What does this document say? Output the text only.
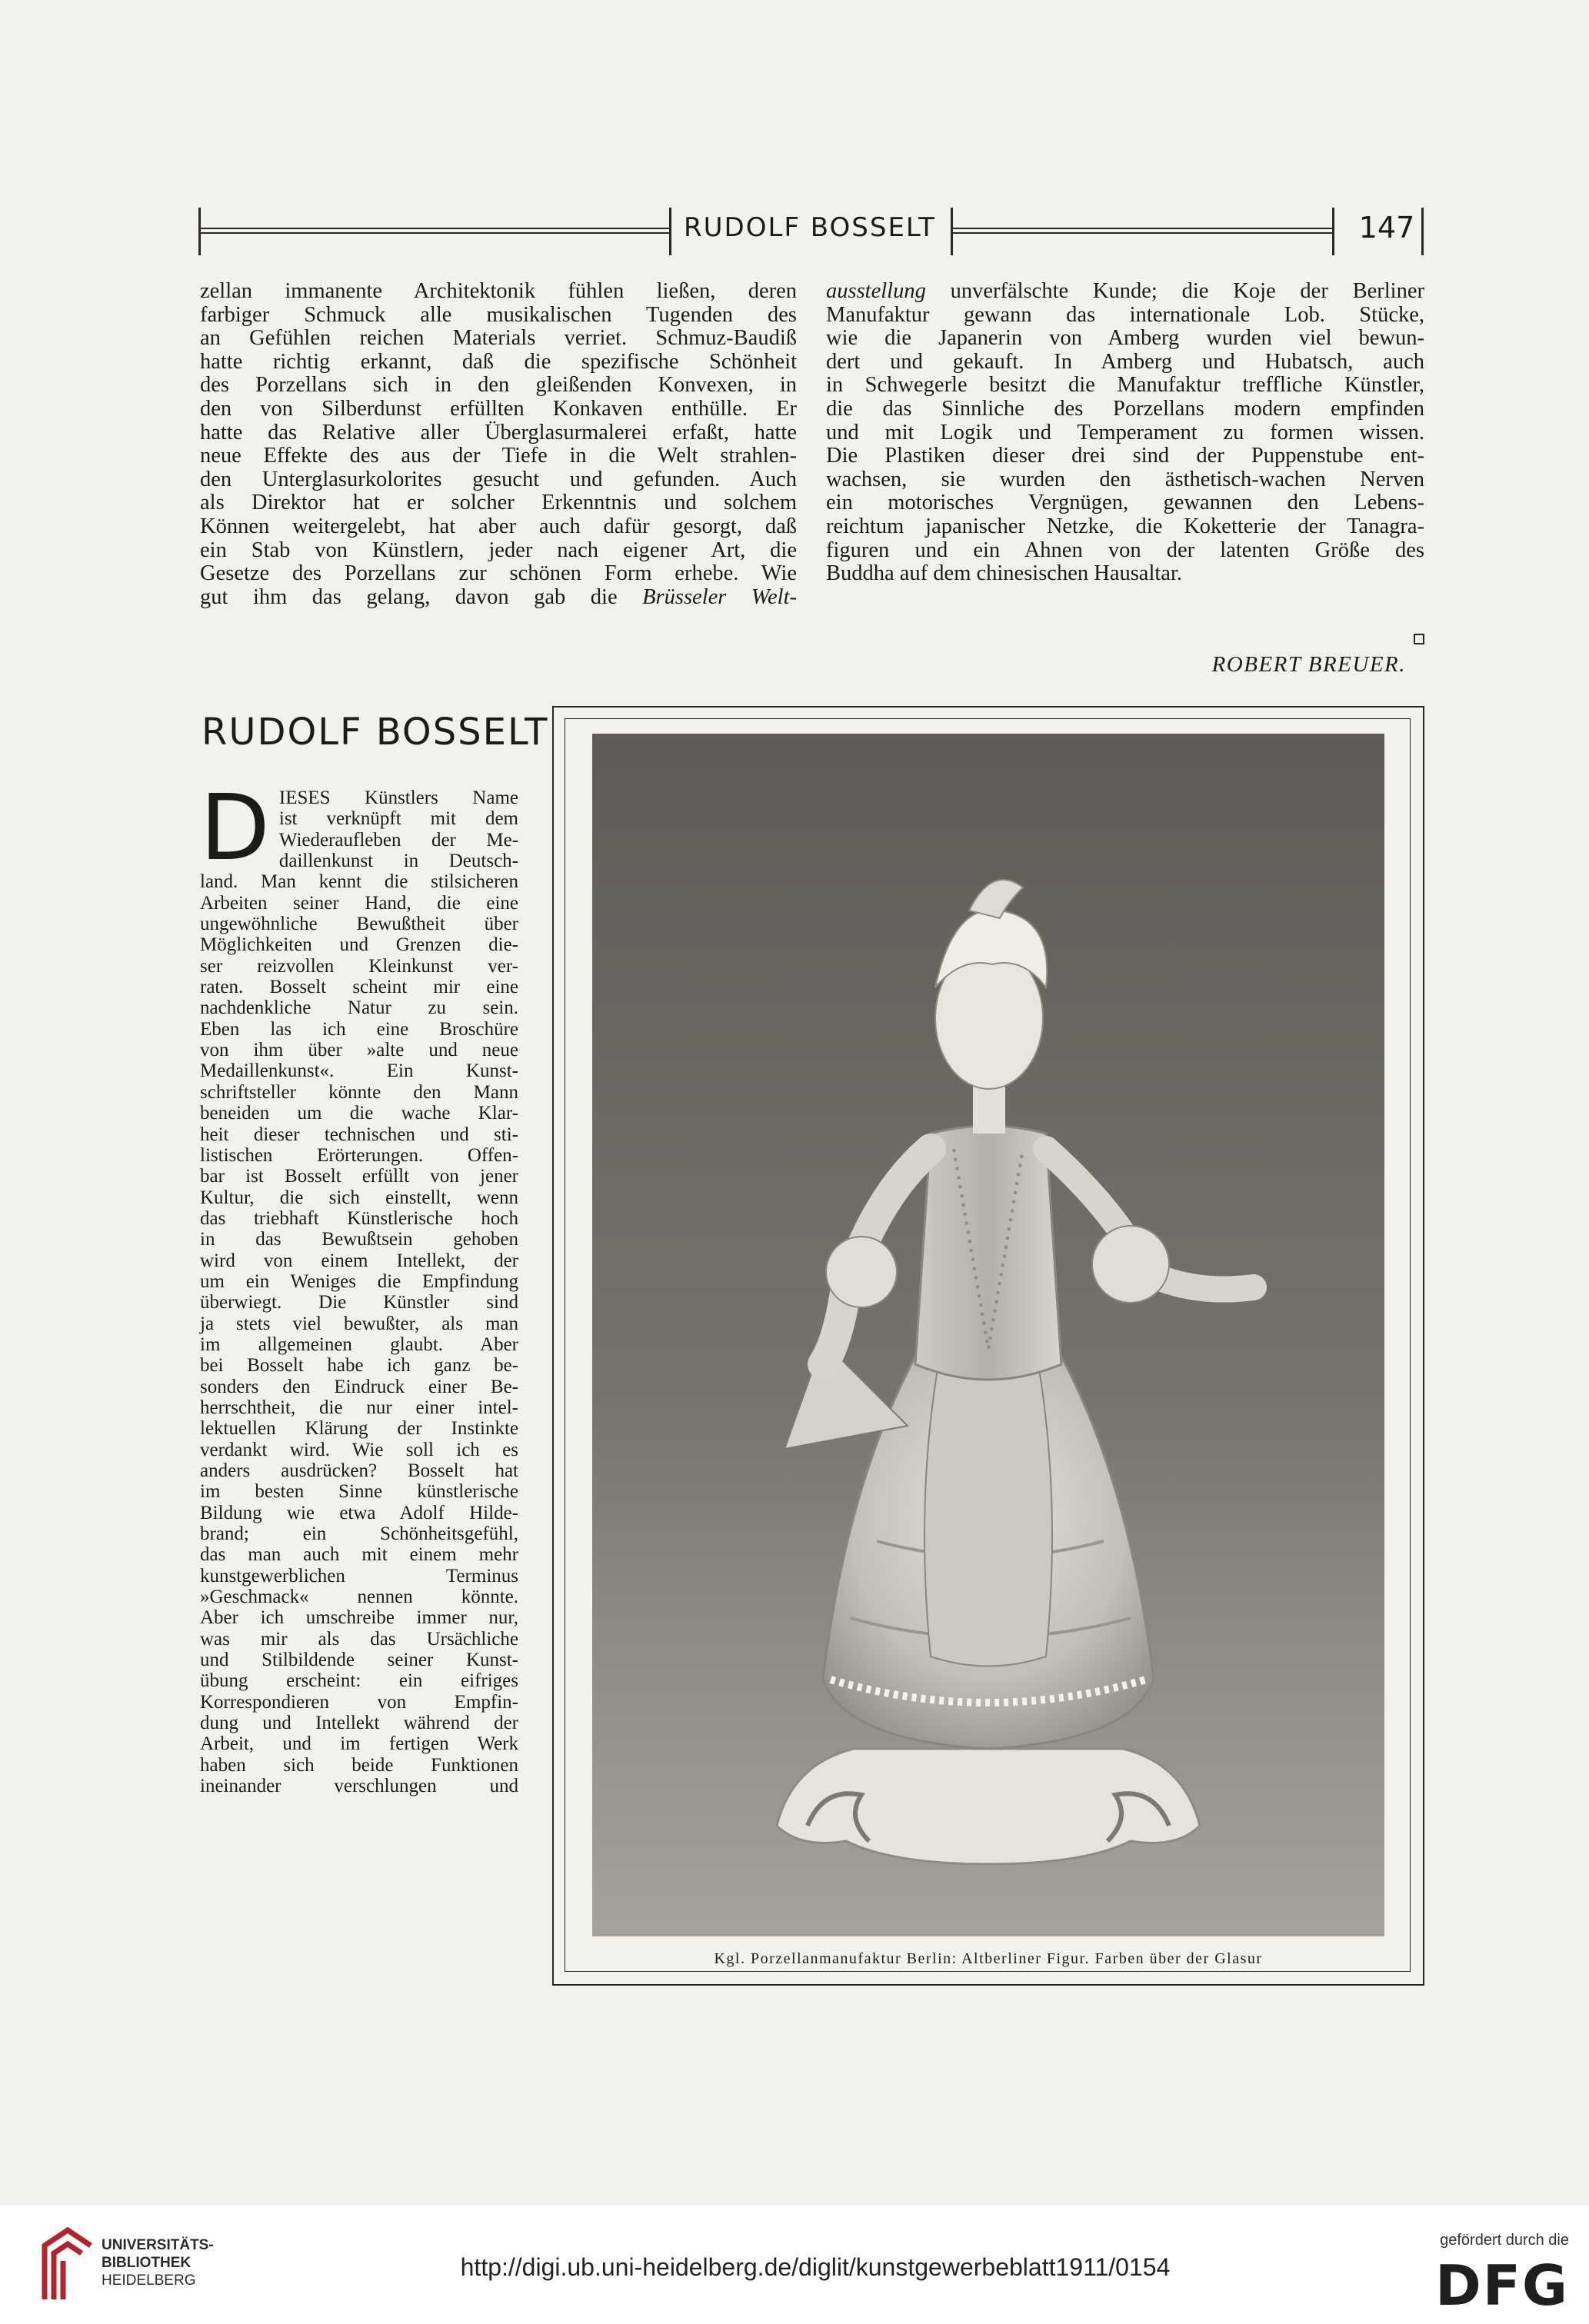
RUDOLF BOSSELT	147

zellan immanente Architektonik fühlen ließen, deren

farbiger Schmuck alle musikalischen Tugenden des

an Gefühlen reichen Materials verriet. Schmuz-Baudiß

hatte richtig erkannt, daß die spezifische Schönheit

des Porzellans sich in den gleißenden Konvexen, in

den von Silberdunst erfüllten Konkaven enthülle. Er

hatte das Relative aller Überglasurmalerei erfaßt, hatte

neue Effekte des aus der Tiefe in die Welt strahlen-

den Unterglasurkolorites gesucht und gefunden. Auch

als Direktor hat er solcher Erkenntnis und solchem

Können weitergelebt, hat aber auch dafür gesorgt, daß

ein Stab von Künstlern, jeder nach eigener Art, die

Gesetze des Porzellans zur schönen Form erhebe. Wie

gut ihm das gelang, davon gab die Brüsseler Welt-

ausstellung unverfälschte Kunde; die Koje der Berliner

Manufaktur gewann das internationale Lob. Stücke,

wie die Japanerin von Amberg wurden viel bewun-

dert und gekauft. In Amberg und Hubatsch, auch

in Schwegerle besitzt die Manufaktur treffliche Künstler,

die das Sinnliche des Porzellans modern empfinden

und mit Logik und Temperament zu formen wissen.

Die Plastiken dieser drei sind der Puppenstube ent-

wachsen, sie wurden den ästhetisch-wachen Nerven

ein motorisches Vergnügen, gewannen den Lebens-

reichtum japanischer Netzke, die Koketterie der Tanagra-

figuren und ein Ahnen von der latenten Größe des

Buddha auf dem chinesischen Hausaltar.

ROBERT BREUER.
RUDOLF BOSSELT
D IESES Künstlers Name

ist verknüpft mit dem

Wiederaufleben der Me-

daillenkunst in Deutsch-

land. Man kennt die stilsicheren

Arbeiten seiner Hand, die eine

ungewöhnliche Bewußtheit über

Möglichkeiten und Grenzen die-

ser reizvollen Kleinkunst ver-

raten. Bosselt scheint mir eine

nachdenkliche Natur zu sein.

Eben las ich eine Broschüre

von ihm über »alte und neue

Medaillenkunst«. Ein Kunst-

schriftsteller könnte den Mann

beneiden um die wache Klar-

heit dieser technischen und sti-

listischen Erörterungen. Offen-

bar ist Bosselt erfüllt von jener

Kultur, die sich einstellt, wenn

das triebhaft Künstlerische hoch

in das Bewußtsein gehoben

wird von einem Intellekt, der

um ein Weniges die Empfindung

überwiegt. Die Künstler sind

ja stets viel bewußter, als man

im allgemeinen glaubt. Aber

bei Bosselt habe ich ganz be-

sonders den Eindruck einer Be-

herrschtheit, die nur einer intel-

lektuellen Klärung der Instinkte

verdankt wird. Wie soll ich es

anders ausdrücken? Bosselt hat

im besten Sinne künstlerische

Bildung wie etwa Adolf Hilde-

brand; ein Schönheitsgefühl,

das man auch mit einem mehr

kunstgewerblichen Terminus

»Geschmack« nennen könnte.

Aber ich umschreibe immer nur,

was mir als das Ursächliche

und Stilbildende seiner Kunst-

übung erscheint: ein eifriges

Korrespondieren von Empfin-

dung und Intellekt während der

Arbeit, und im fertigen Werk

haben sich beide Funktionen

ineinander verschlungen und

Kgl. Porzellanmanufaktur Berlin: Altberliner Figur. Farben über der Glasur
UNIVERSITÄTS-
BIBLIOTHEK
HEIDELBERG	http://digi.ub.uni-heidelberg.de/diglit/kunstgewerbeblatt1911/0154
gefördert durch die
DFG
